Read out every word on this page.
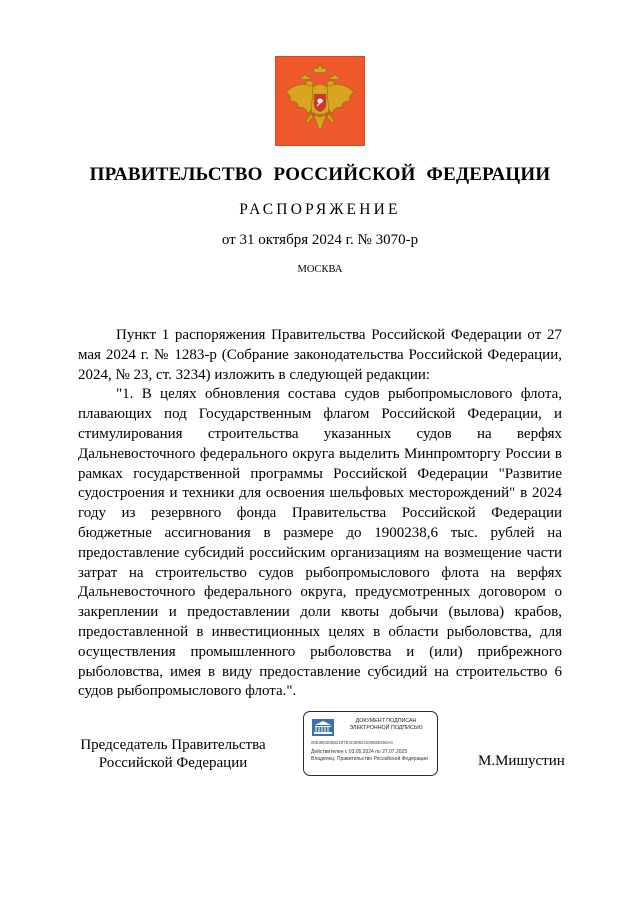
ПРАВИТЕЛЬСТВО РОССИЙСКОЙ ФЕДЕРАЦИИ
РАСПОРЯЖЕНИЕ
от 31 октября 2024 г. № 3070-р
МОСКВА

Пункт 1 распоряжения Правительства Российской Федерации от 27 мая 2024 г. № 1283-р (Собрание законодательства Российской Федерации, 2024, № 23, ст. 3234) изложить в следующей редакции:

"1. В целях обновления состава судов рыбопромыслового флота, плавающих под Государственным флагом Российской Федерации, и стимулирования строительства указанных судов на верфях Дальневосточного федерального округа выделить Минпромторгу России в рамках государственной программы Российской Федерации "Развитие судостроения и техники для освоения шельфовых месторождений" в 2024 году из резервного фонда Правительства Российской Федерации бюджетные ассигнования в размере до 1900238,6 тыс. рублей на предоставление субсидий российским организациям на возмещение части затрат на строительство судов рыбопромыслового флота на верфях Дальневосточного федерального округа, предусмотренных договором о закреплении и предоставлении доли квоты добычи (вылова) крабов, предоставленной в инвестиционных целях в области рыболовства, для осуществления промышленного рыболовства и (или) прибрежного рыболовства, имея в виду предоставление субсидий на строительство 6 судов рыбопромыслового флота.".

Председатель Правительства
Российской Федерации
ДОКУМЕНТ ПОДПИСАН
ЭЛЕКТРОННОЙ ПОДПИСЬЮ
00E3602083D197E4C86921030660269AC
Действителен с 03.05.2024 по 27.07.2025
Владелец: Правительство Российской Федерации	М.Мишустин
